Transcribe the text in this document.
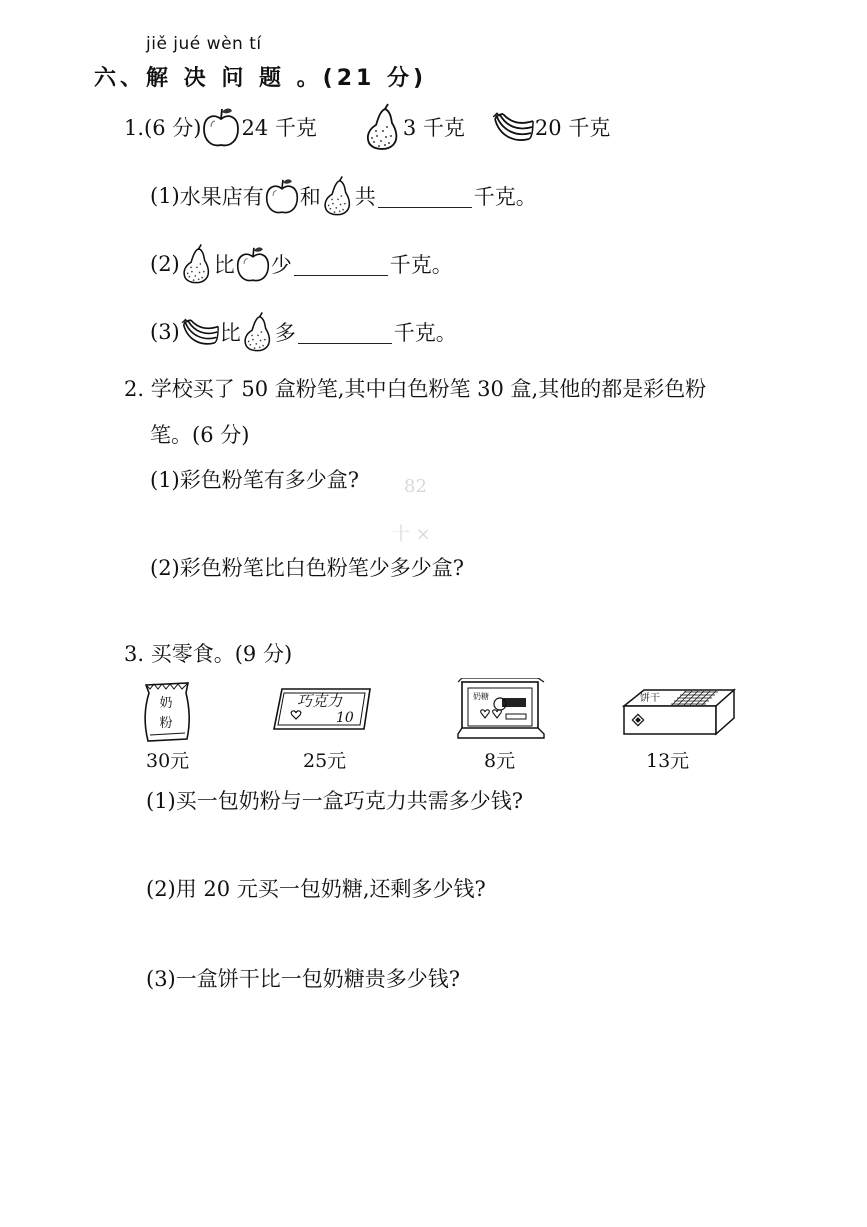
jiě jué wèn tí
六、解 决 问 题 。(21 分)
1.(6 分) 24 千克	3 千克	20 千克
(1) 水果店有 和 共	千克。
(2) 比 少	千克。
(3) 比 多	千克。
2. 学校买了 50 盒粉笔,其中白色粉笔 30 盒,其他的都是彩色粉
笔。(6 分)
(1)彩色粉笔有多少盒?
(2)彩色粉笔比白色粉笔少多少盒?
82
十 ×
3. 买零食。(9 分)
奶粉
30元
巧克力
10
25元
奶糖
8元
饼干
13元
(1)买一包奶粉与一盒巧克力共需多少钱?
(2)用 20 元买一包奶糖,还剩多少钱?
(3)一盒饼干比一包奶糖贵多少钱?
